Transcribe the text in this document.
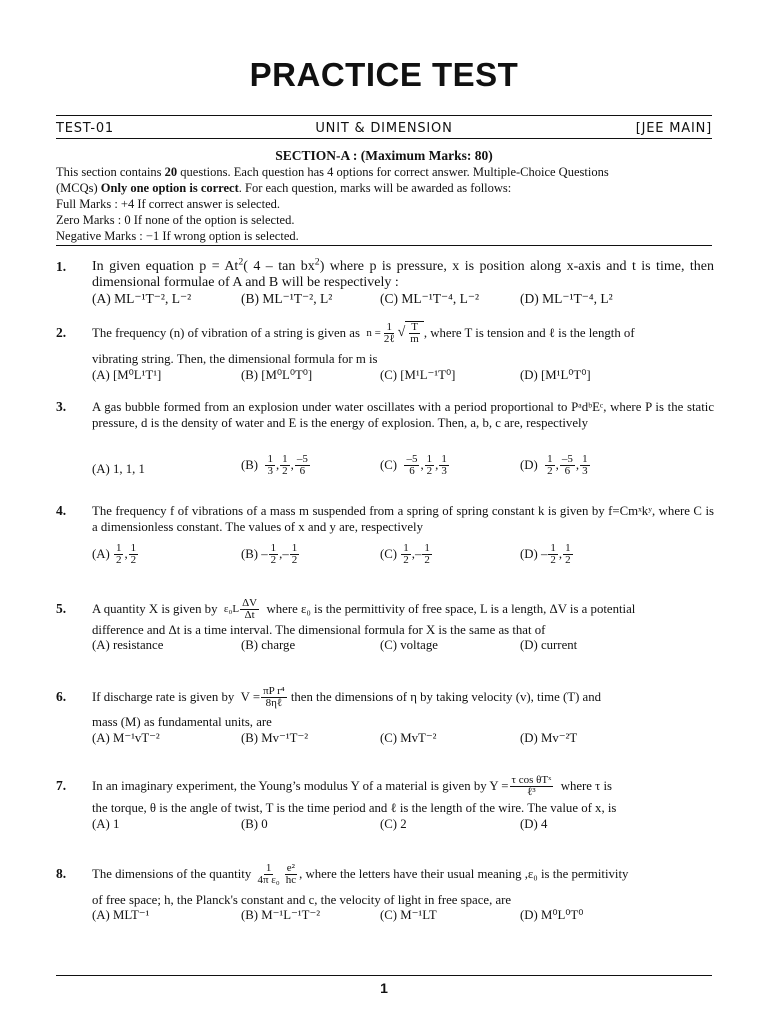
PRACTICE TEST
TEST-01	UNIT & DIMENSION	[JEE MAIN]
SECTION-A : (Maximum Marks: 80)
This section contains 20 questions. Each question has 4 options for correct answer. Multiple-Choice Questions
(MCQs) Only one option is correct. For each question, marks will be awarded as follows:
Full Marks : +4 If correct answer is selected.
Zero Marks : 0 If none of the option is selected.
Negative Marks : −1 If wrong option is selected.
1. In given equation $p = At^2$( $4 - \tan bx^2$) where p is pressure, x is position along x-axis and t is time, then dimensional formulae of A and B will be respectively :
(A) ML⁻¹T⁻², L⁻²	(B) ML⁻¹T⁻², L²	(C) ML⁻¹T⁻⁴, L⁻²	(D) ML⁻¹T⁻⁴, L²
2. The frequency (n) of vibration of a string is given as
$n = \frac{1}{\text{2ℓ}}$ √ $\frac{T}{m}$ , where T is tension and ℓ is the length of
vibrating string. Then, the dimensional formula for m is
(A) [M⁰L¹T¹]	(B) [M⁰L⁰T⁰]	(C) [M¹L⁻¹T⁰]	(D) [M¹L⁰T⁰]
3. A gas bubble formed from an explosion under water oscillates with a period proportional to PᵃdᵇEᶜ, where P is the static pressure, d is the density of water and E is the energy of explosion. Then, a, b, c are, respectively
(A) 1, 1, 1	(B)
$\frac{1}{3}$ , $\frac{1}{2}$ , $\frac{-5}{6}$	(C)
$\frac{-5}{6}$ , $\frac{1}{2}$ , $\frac{1}{3}$	(D)
$\frac{1}{2}$ , $\frac{-5}{6}$ , $\frac{1}{3}$
4. The frequency f of vibrations of a mass m suspended from a spring of spring constant k is given by f=Cmˣkʸ, where C is a dimensionless constant. The values of x and y are, respectively
(A)
$\frac{1}{2}$ , $\frac{1}{2}$	$(B) - \frac{1}{2}$ , – $\frac{1}{2}$	(C)
$\frac{1}{2}$ , – $\frac{1}{2}$	$(D) - \frac{1}{2}$ , $\frac{1}{2}$
5. A quantity X is given by
$\varepsilon_0L \frac{\Delta V}{\Delta t}$
where ε₀ is the permittivity of free space, L is a length, ΔV is a potential
difference and Δt is a time interval. The dimensional formula for X is the same as that of
(A) resistance	(B) charge	(C) voltage	(D) current
6. If discharge rate is given by
$V = \frac{\text{πP r⁴}}{\text{8ηℓ}}$
then the dimensions of η by taking velocity (v), time (T) and
mass (M) as fundamental units, are
(A) M⁻¹vT⁻²	(B) Mv⁻¹T⁻²	(C) MvT⁻²	(D) Mv⁻²T
7. In an imaginary experiment, the Young’s modulus Y of a material is given by $Y = \frac{\text{τ cos θTˣ}}{\text{ℓ³}}$
where τ is
the torque, θ is the angle of twist, T is the time period and ℓ is the length of the wire. The value of x, is
(A) 1	(B) 0	(C) 2	(D) 4
8. The dimensions of the quantity
$\frac{1}{\text{4π ε₀}} \frac{\text{e²}}{hc}$ , where the letters have their usual meaning ,ε₀ is the permitivity
of free space; h, the Planck's constant and c, the velocity of light in free space, are
(A) MLT⁻¹	(B) M⁻¹L⁻¹T⁻²	(C) M⁻¹LT	(D) M⁰L⁰T⁰
1
